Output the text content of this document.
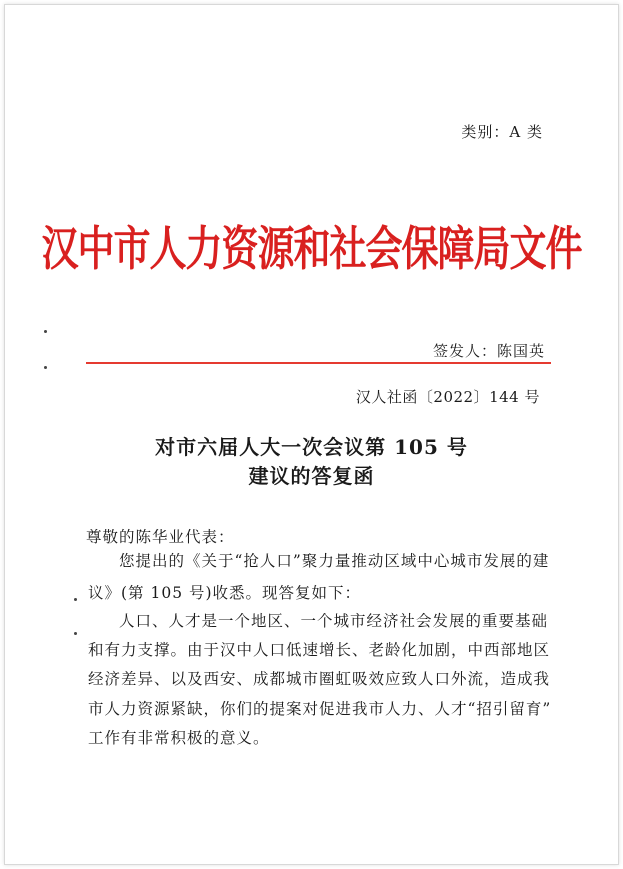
类别：A 类
汉中市人力资源和社会保障局文件
签发人：陈国英
汉人社函〔2022〕144 号
对市六届人大一次会议第 105 号
建议的答复函
尊敬的陈华业代表：
您提出的《关于“抢人口”聚力量推动区域中心城市发展的建
议》(第 105 号)收悉。现答复如下：
人口、人才是一个地区、一个城市经济社会发展的重要基础
和有力支撑。由于汉中人口低速增长、老龄化加剧，中西部地区
经济差异、以及西安、成都城市圈虹吸效应致人口外流，造成我
市人力资源紧缺，你们的提案对促进我市人力、人才“招引留育”
工作有非常积极的意义。
